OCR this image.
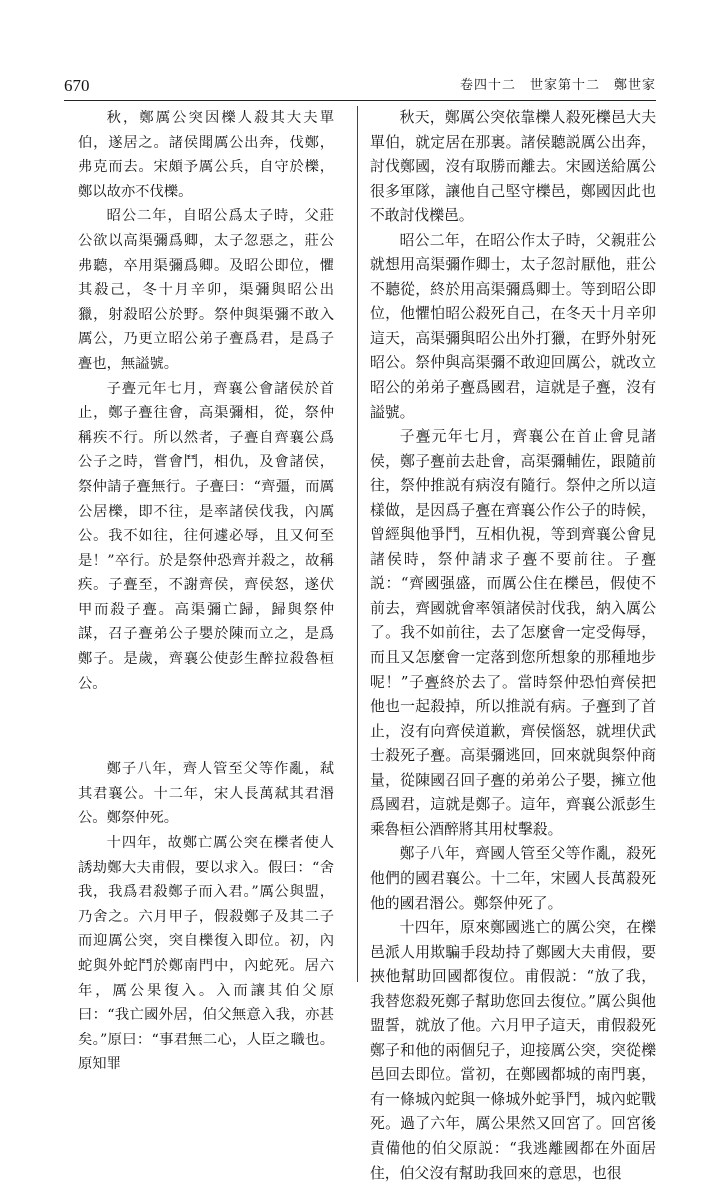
670	卷四十二　世家第十二　鄭世家

秋，鄭厲公突因櫟人殺其大夫單伯，遂居之。諸侯聞厲公出奔，伐鄭，弗克而去。宋頗予厲公兵，自守於櫟，鄭以故亦不伐櫟。

昭公二年，自昭公爲太子時，父莊公欲以高渠彌爲卿，太子忽惡之，莊公弗聽，卒用渠彌爲卿。及昭公即位，懼其殺己，冬十月辛卯，渠彌與昭公出獵，射殺昭公於野。祭仲與渠彌不敢入厲公，乃更立昭公弟子亹爲君，是爲子亹也，無謚號。

子亹元年七月，齊襄公會諸侯於首止，鄭子亹往會，高渠彌相，從，祭仲稱疾不行。所以然者，子亹自齊襄公爲公子之時，嘗會鬥，相仇，及會諸侯，祭仲請子亹無行。子亹曰：“齊彊，而厲公居櫟，即不往，是率諸侯伐我，內厲公。我不如往，往何遽必辱，且又何至是！”卒行。於是祭仲恐齊并殺之，故稱疾。子亹至，不謝齊侯，齊侯怒，遂伏甲而殺子亹。高渠彌亡歸，歸與祭仲謀，召子亹弟公子嬰於陳而立之，是爲鄭子。是歲，齊襄公使彭生醉拉殺魯桓公。

鄭子八年，齊人管至父等作亂，弒其君襄公。十二年，宋人長萬弒其君湣公。鄭祭仲死。

十四年，故鄭亡厲公突在櫟者使人誘劫鄭大夫甫假，要以求入。假曰：“舍我，我爲君殺鄭子而入君。”厲公與盟，乃舍之。六月甲子，假殺鄭子及其二子而迎厲公突，突自櫟復入即位。初，內蛇與外蛇鬥於鄭南門中，內蛇死。居六年，厲公果復入。入而讓其伯父原曰：“我亡國外居，伯父無意入我，亦甚矣。”原曰：“事君無二心，人臣之職也。原知罪

秋天，鄭厲公突依靠櫟人殺死櫟邑大夫單伯，就定居在那裏。諸侯聽説厲公出奔，討伐鄭國，沒有取勝而離去。宋國送給厲公很多軍隊，讓他自己堅守櫟邑，鄭國因此也不敢討伐櫟邑。

昭公二年，在昭公作太子時，父親莊公就想用高渠彌作卿士，太子忽討厭他，莊公不聽從，終於用高渠彌爲卿士。等到昭公即位，他懼怕昭公殺死自己，在冬天十月辛卯這天，高渠彌與昭公出外打獵，在野外射死昭公。祭仲與高渠彌不敢迎回厲公，就改立昭公的弟弟子亹爲國君，這就是子亹，沒有謚號。

子亹元年七月，齊襄公在首止會見諸侯，鄭子亹前去赴會，高渠彌輔佐，跟隨前往，祭仲推説有病沒有隨行。祭仲之所以這樣做，是因爲子亹在齊襄公作公子的時候，曾經與他爭鬥，互相仇視，等到齊襄公會見諸侯時，祭仲請求子亹不要前往。子亹説：“齊國强盛，而厲公住在櫟邑，假使不前去，齊國就會率領諸侯討伐我，納入厲公了。我不如前往，去了怎麼會一定受侮辱，而且又怎麼會一定落到您所想象的那種地步呢！”子亹終於去了。當時祭仲恐怕齊侯把他也一起殺掉，所以推説有病。子亹到了首止，沒有向齊侯道歉，齊侯惱怒，就埋伏武士殺死子亹。高渠彌逃回，回來就與祭仲商量，從陳國召回子亹的弟弟公子嬰，擁立他爲國君，這就是鄭子。這年，齊襄公派彭生乘魯桓公酒醉將其用杖擊殺。

鄭子八年，齊國人管至父等作亂，殺死他們的國君襄公。十二年，宋國人長萬殺死他的國君湣公。鄭祭仲死了。

十四年，原來鄭國逃亡的厲公突，在櫟邑派人用欺騙手段劫持了鄭國大夫甫假，要挾他幫助回國都復位。甫假説：“放了我，我替您殺死鄭子幫助您回去復位。”厲公與他盟誓，就放了他。六月甲子這天，甫假殺死鄭子和他的兩個兒子，迎接厲公突，突從櫟邑回去即位。當初，在鄭國都城的南門裏，有一條城內蛇與一條城外蛇爭鬥，城內蛇戰死。過了六年，厲公果然又回宮了。回宮後責備他的伯父原説：“我逃離國都在外面居住，伯父沒有幫助我回來的意思，也很
